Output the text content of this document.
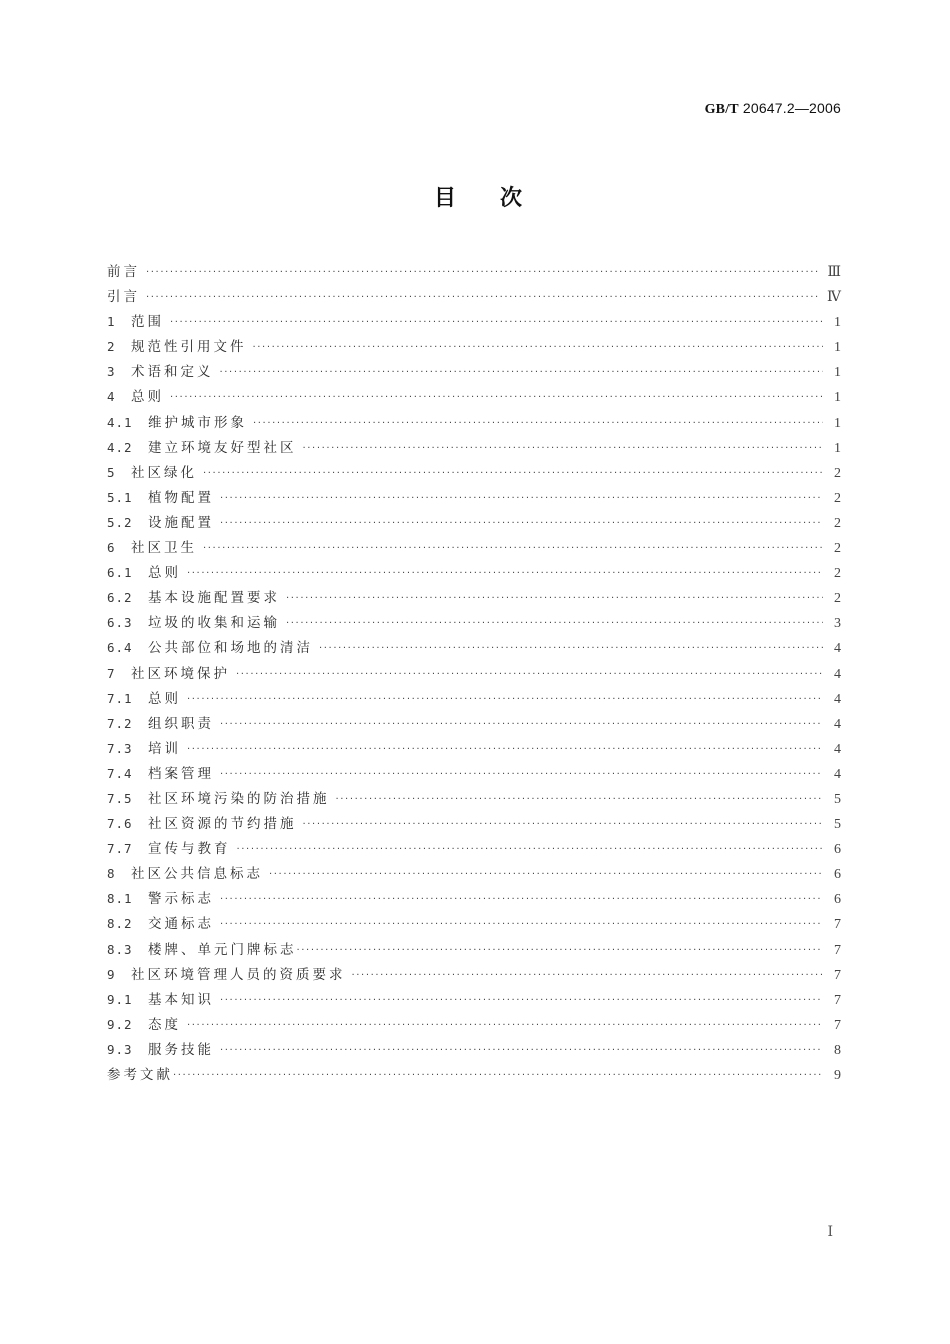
GB/T 20647.2—2006
目次
前言 ·····	Ⅲ
引言 ·····	Ⅳ
1	范围 ·····	1
2	规范性引用文件 ·····	1
3	术语和定义 ·····	1
4	总则 ·····	1
4.1	维护城市形象 ·····	1
4.2	建立环境友好型社区 ·····	1
5	社区绿化 ·····	2
5.1	植物配置 ·····	2
5.2	设施配置 ·····	2
6	社区卫生 ·····	2
6.1	总则 ·····	2
6.2	基本设施配置要求 ·····	2
6.3	垃圾的收集和运输 ·····	3
6.4	公共部位和场地的清洁 ·····	4
7	社区环境保护 ·····	4
7.1	总则 ·····	4
7.2	组织职责 ·····	4
7.3	培训 ·····	4
7.4	档案管理 ·····	4
7.5	社区环境污染的防治措施 ·····	5
7.6	社区资源的节约措施 ·····	5
7.7	宣传与教育 ·····	6
8	社区公共信息标志 ·····	6
8.1	警示标志 ·····	6
8.2	交通标志 ·····	7
8.3	楼牌、单元门牌标志 ·····	7
9	社区环境管理人员的资质要求 ·····	7
9.1	基本知识 ·····	7
9.2	态度 ·····	7
9.3	服务技能 ·····	8
参考文献 ·····	9
Ⅰ
